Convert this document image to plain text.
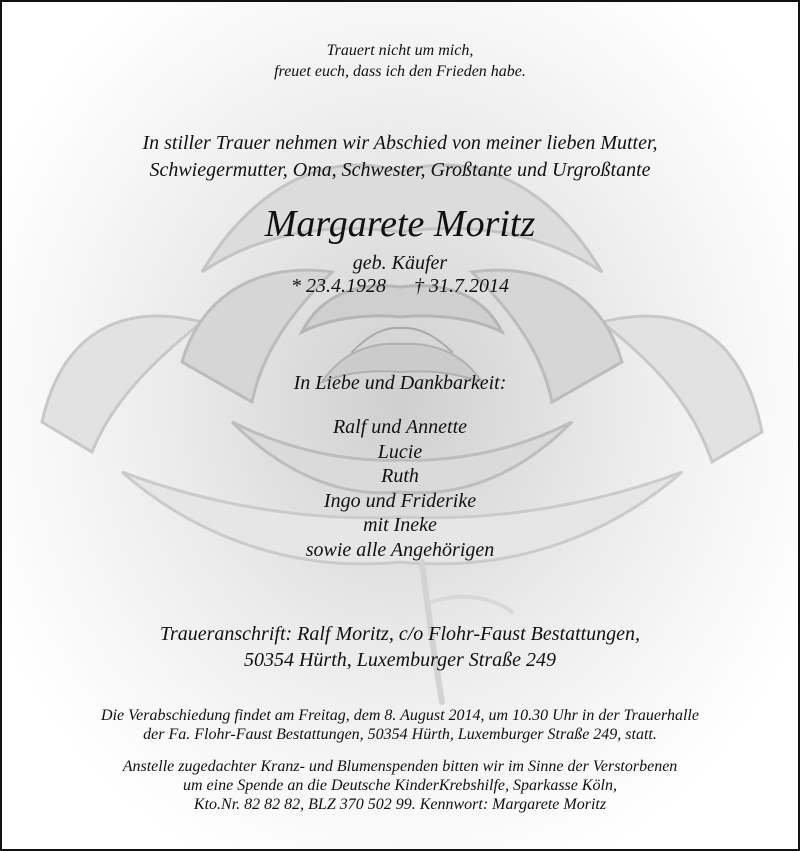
Trauert nicht um mich,
freuet euch, dass ich den Frieden habe.
In stiller Trauer nehmen wir Abschied von meiner lieben Mutter,
Schwiegermutter, Oma, Schwester, Großtante und Urgroßtante
Margarete Moritz
geb. Käufer
* 23.4.1928 † 31.7.2014
In Liebe und Dankbarkeit:
Ralf und Annette
Lucie
Ruth
Ingo und Friderike
mit Ineke
sowie alle Angehörigen
Traueranschrift: Ralf Moritz, c/o Flohr-Faust Bestattungen,
50354 Hürth, Luxemburger Straße 249
Die Verabschiedung findet am Freitag, dem 8. August 2014, um 10.30 Uhr in der Trauerhalle
der Fa. Flohr-Faust Bestattungen, 50354 Hürth, Luxemburger Straße 249, statt.
Anstelle zugedachter Kranz- und Blumenspenden bitten wir im Sinne der Verstorbenen
um eine Spende an die Deutsche KinderKrebshilfe, Sparkasse Köln,
Kto.Nr. 82 82 82, BLZ 370 502 99. Kennwort: Margarete Moritz
